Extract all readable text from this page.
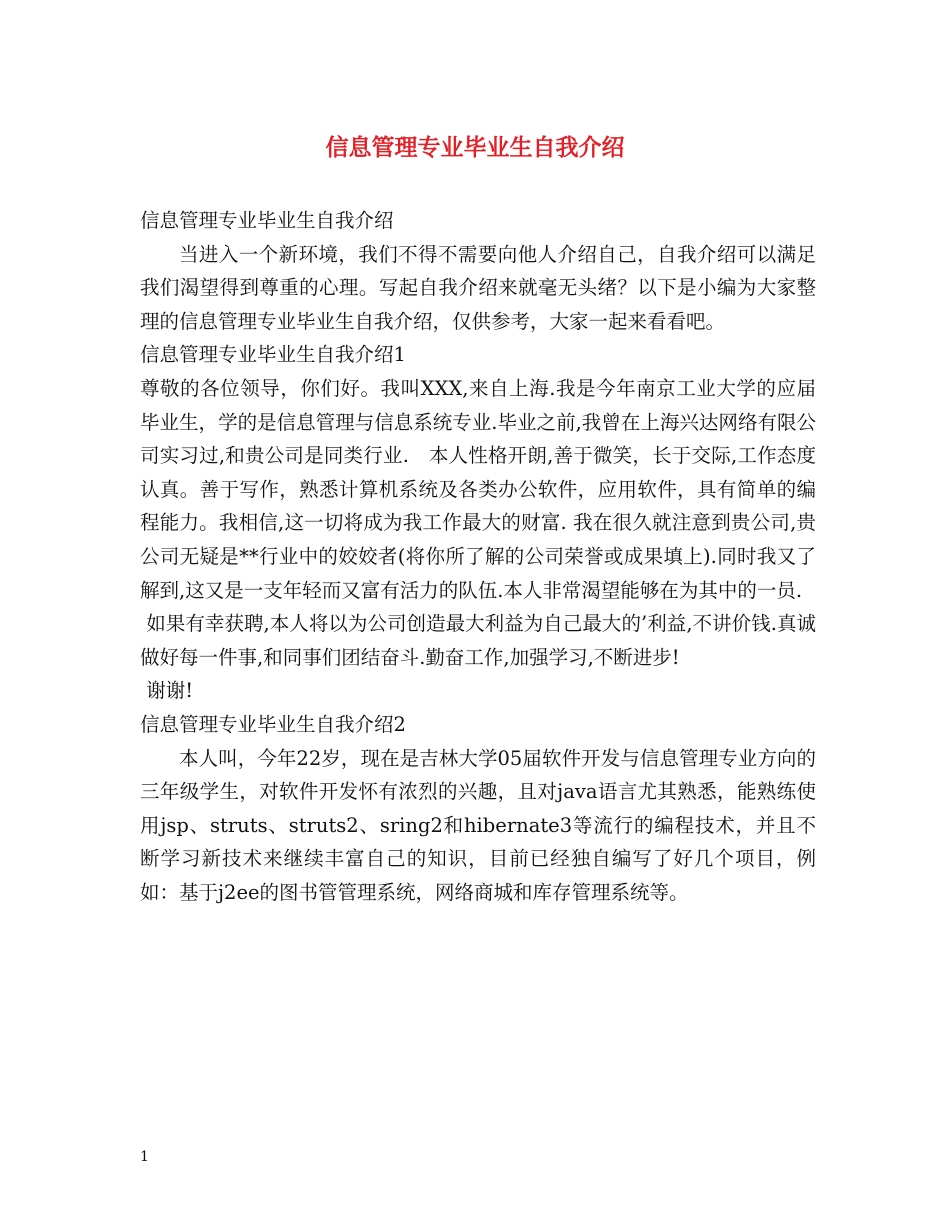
信息管理专业毕业生自我介绍

信息管理专业毕业生自我介绍

当进入一个新环境，我们不得不需要向他人介绍自己，自我介绍可以满足我们渴望得到尊重的心理。写起自我介绍来就毫无头绪？以下是小编为大家整理的信息管理专业毕业生自我介绍，仅供参考，大家一起来看看吧。

信息管理专业毕业生自我介绍1

尊敬的各位领导，你们好。我叫XXX,来自上海.我是今年南京工业大学的应届毕业生，学的是信息管理与信息系统专业.毕业之前,我曾在上海兴达网络有限公司实习过,和贵公司是同类行业.　本人性格开朗,善于微笑，长于交际,工作态度认真。善于写作，熟悉计算机系统及各类办公软件，应用软件，具有简单的编程能力。我相信,这一切将成为我工作最大的财富. 我在很久就注意到贵公司,贵公司无疑是**行业中的姣姣者(将你所了解的公司荣誉或成果填上).同时我又了解到,这又是一支年轻而又富有活力的队伍.本人非常渴望能够在为其中的一员.

如果有幸获聘,本人将以为公司创造最大利益为自己最大的’利益,不讲价钱.真诚做好每一件事,和同事们团结奋斗.勤奋工作,加强学习,不断进步!

谢谢!

信息管理专业毕业生自我介绍2

本人叫，今年22岁，现在是吉林大学05届软件开发与信息管理专业方向的三年级学生，对软件开发怀有浓烈的兴趣，且对java语言尤其熟悉，能熟练使用jsp、struts、struts2、sring2和hibernate3等流行的编程技术，并且不断学习新技术来继续丰富自己的知识，目前已经独自编写了好几个项目，例如：基于j2ee的图书管管理系统，网络商城和库存管理系统等。

1
